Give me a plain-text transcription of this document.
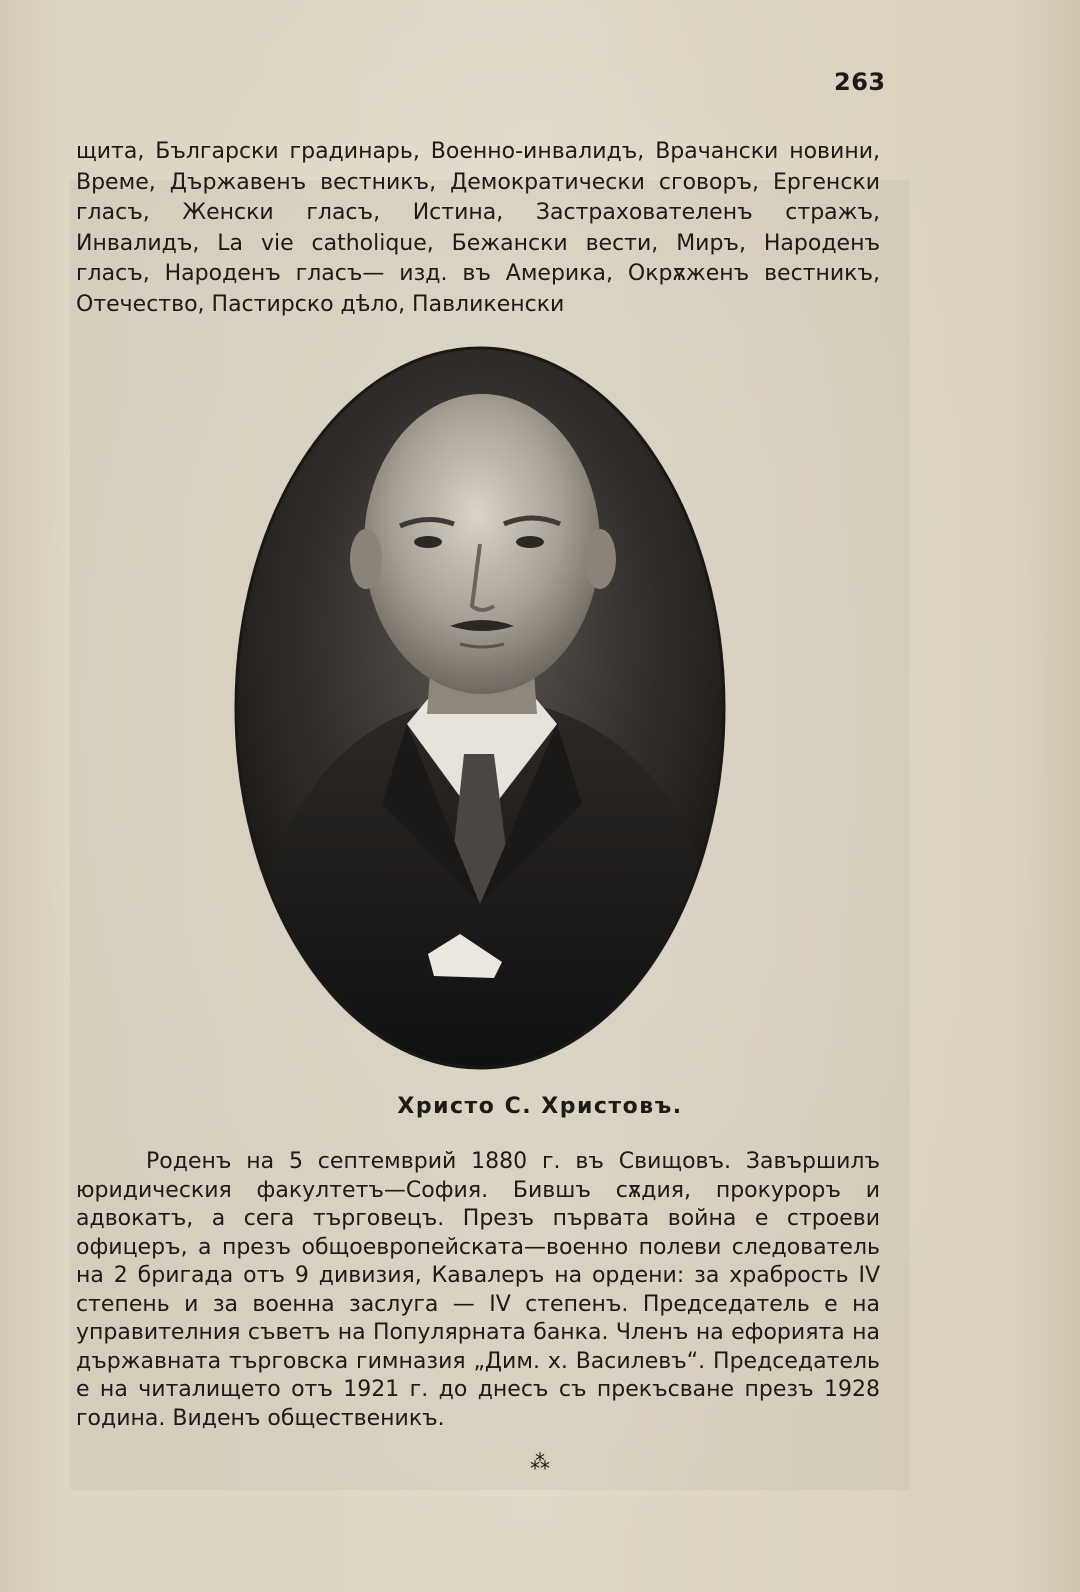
263
щита, Български градинарь, Военно-инвалидъ, Врачански новини, Време, Държавенъ вестникъ, Демократически сговоръ, Ергенски гласъ, Женски гласъ, Истина, Застрахователенъ стражъ, Инвалидъ, La vie catholique, Бежански вести, Миръ, Народенъ гласъ, Народенъ гласъ— изд. въ Америка, Окрѫженъ вестникъ, Отечество, Пастирско дѣло, Павликенски
Христо С. Христовъ.
Роденъ на 5 септемврий 1880 г. въ Свищовъ. Завършилъ юридическия факултетъ—София. Бившъ сѫдия, прокуроръ и адвокатъ, а сега търговецъ. Презъ първата война е строеви офицеръ, а презъ общоевропейската—военно полеви следователь на 2 бригада отъ 9 дивизия, Кавалеръ на ордени: за храбрость IV степень и за военна заслуга — IV степенъ. Председатель е на управителния съветъ на Популярната банка. Членъ на ефорията на държавната търговска гимназия „Дим. х. Василевъ“. Председатель е на читалището отъ 1921 г. до днесъ съ прекъсване презъ 1928 година. Виденъ общественикъ.
⁂
